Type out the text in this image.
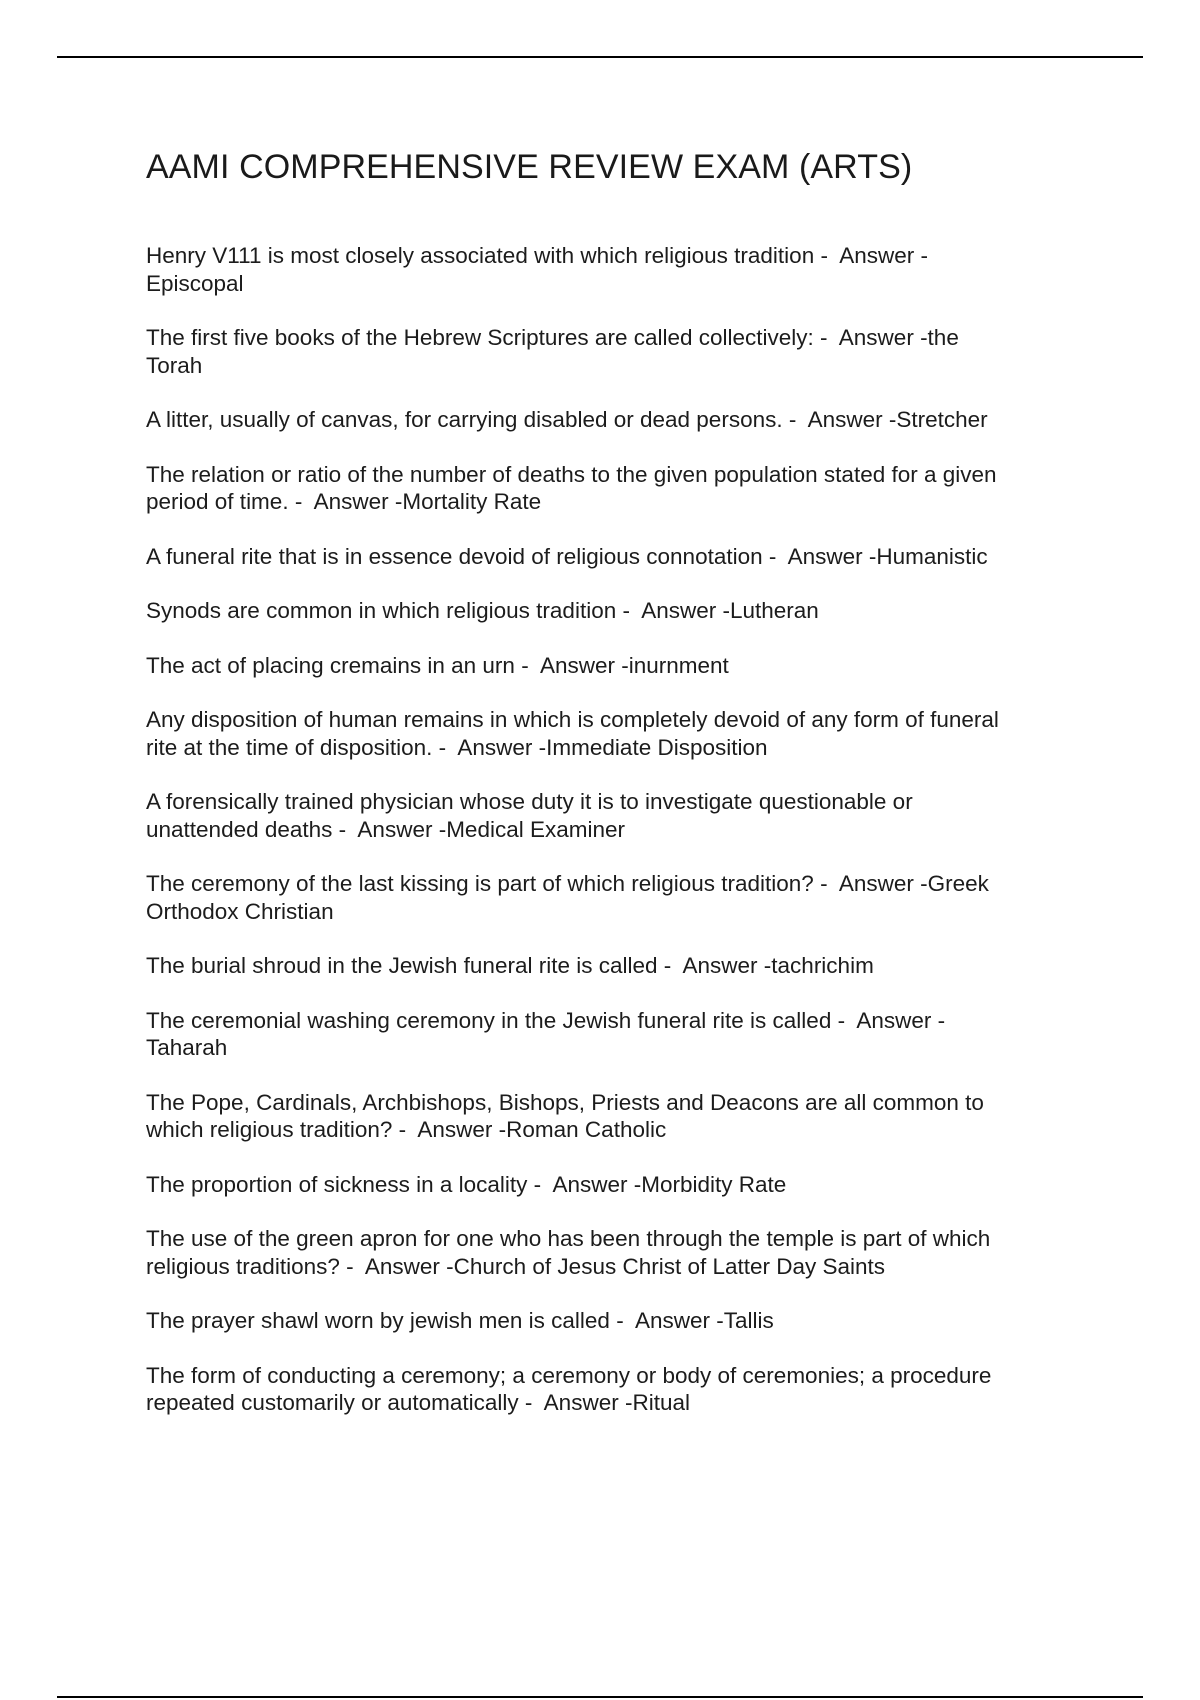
AAMI COMPREHENSIVE REVIEW EXAM (ARTS)

Henry V111 is most closely associated with which religious tradition -  Answer -
Episcopal

The first five books of the Hebrew Scriptures are called collectively: -  Answer -the
Torah

A litter, usually of canvas, for carrying disabled or dead persons. -  Answer -Stretcher

The relation or ratio of the number of deaths to the given population stated for a given
period of time. -  Answer -Mortality Rate

A funeral rite that is in essence devoid of religious connotation -  Answer -Humanistic

Synods are common in which religious tradition -  Answer -Lutheran

The act of placing cremains in an urn -  Answer -inurnment

Any disposition of human remains in which is completely devoid of any form of funeral
rite at the time of disposition. -  Answer -Immediate Disposition

A forensically trained physician whose duty it is to investigate questionable or
unattended deaths -  Answer -Medical Examiner

The ceremony of the last kissing is part of which religious tradition? -  Answer -Greek
Orthodox Christian

The burial shroud in the Jewish funeral rite is called -  Answer -tachrichim

The ceremonial washing ceremony in the Jewish funeral rite is called -  Answer -
Taharah

The Pope, Cardinals, Archbishops, Bishops, Priests and Deacons are all common to
which religious tradition? -  Answer -Roman Catholic

The proportion of sickness in a locality -  Answer -Morbidity Rate

The use of the green apron for one who has been through the temple is part of which
religious traditions? -  Answer -Church of Jesus Christ of Latter Day Saints

The prayer shawl worn by jewish men is called -  Answer -Tallis

The form of conducting a ceremony; a ceremony or body of ceremonies; a procedure
repeated customarily or automatically -  Answer -Ritual
